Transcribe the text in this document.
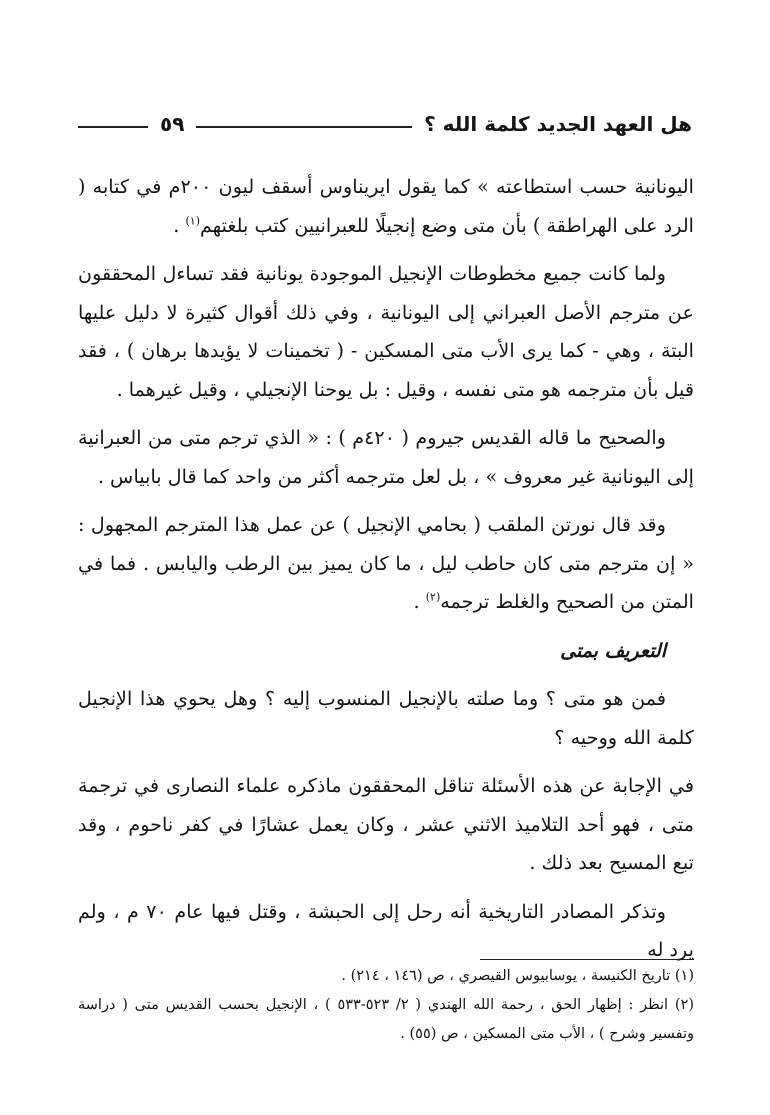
هل العهد الجديد كلمة الله ؟
٥٩

اليونانية حسب استطاعته » كما يقول ايريناوس أسقف ليون ٢٠٠م في كتابه ( الرد على الهراطقة ) بأن متى وضع إنجيلًا للعبرانيين كتب بلغتهم$^{(١)}$ .

ولما كانت جميع مخطوطات الإنجيل الموجودة يونانية فقد تساءل المحققون عن مترجم الأصل العبراني إلى اليونانية ، وفي ذلك أقوال كثيرة لا دليل عليها البتة ، وهي - كما يرى الأب متى المسكين - ( تخمينات لا يؤيدها برهان ) ، فقد قيل بأن مترجمه هو متى نفسه ، وقيل : بل يوحنا الإنجيلي ، وقيل غيرهما .

والصحيح ما قاله القديس جيروم ( ٤٢٠م ) : « الذي ترجم متى من العبرانية إلى اليونانية غير معروف » ، بل لعل مترجمه أكثر من واحد كما قال بابياس .

وقد قال نورتن الملقب ( بحامي الإنجيل ) عن عمل هذا المترجم المجهول : « إن مترجم متى كان حاطب ليل ، ما كان يميز بين الرطب واليابس . فما في المتن من الصحيح والغلط ترجمه$^{(٢)}$ .

التعريف بمتى

فمن هو متى ؟ وما صلته بالإنجيل المنسوب إليه ؟ وهل يحوي هذا الإنجيل كلمة الله ووحيه ؟

في الإجابة عن هذه الأسئلة تناقل المحققون ماذكره علماء النصارى في ترجمة متى ، فهو أحد التلاميذ الاثني عشر ، وكان يعمل عشارًا في كفر ناحوم ، وقد تبع المسيح بعد ذلك .

وتذكر المصادر التاريخية أنه رحل إلى الحبشة ، وقتل فيها عام ٧٠ م ، ولم يرد له

(١) تاريخ الكنيسة ، يوسابيوس القيصري ، ص (١٤٦ ، ٢١٤) .

(٢) انظر : إظهار الحق ، رحمة الله الهندي ( ٢/ ٥٢٣-٥٣٣ ) ، الإنجيل بحسب القديس متى ( دراسة وتفسير وشرح ) ، الأب متى المسكين ، ص (٥٥) .
